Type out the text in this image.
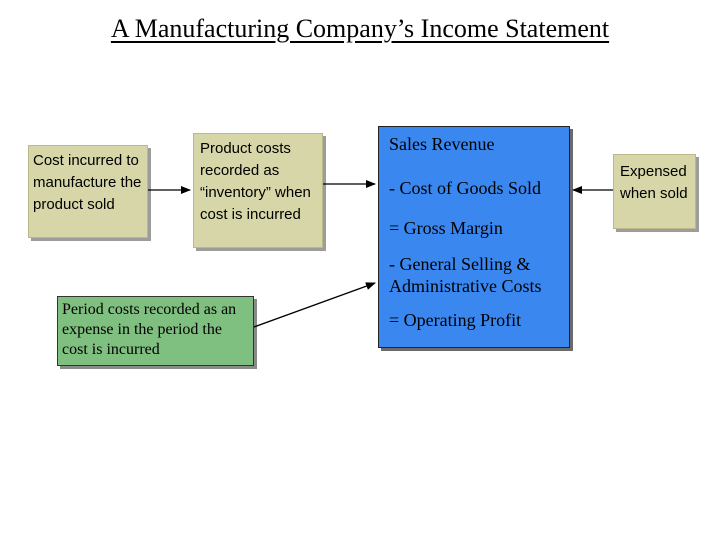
A Manufacturing Company’s Income Statement
Cost incurred to manufacture the product sold
Product costs recorded as “inventory” when cost is incurred
Period costs recorded as an expense in the period the cost is incurred
Sales Revenue
- Cost of Goods Sold
= Gross Margin
- General Selling & Administrative Costs
= Operating Profit
Expensed when sold
